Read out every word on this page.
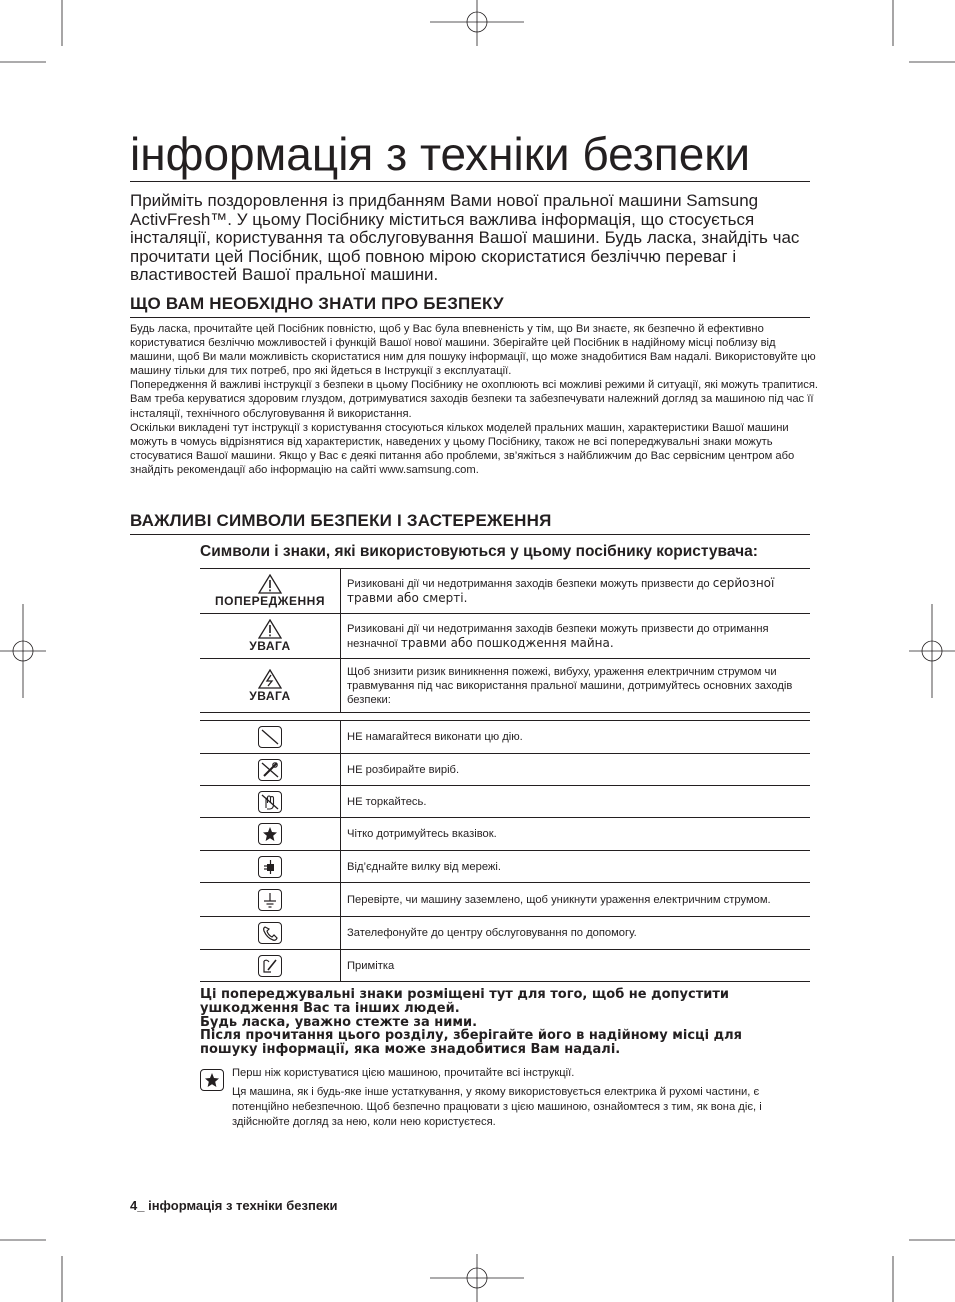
інформація з техніки безпеки
Прийміть поздоровлення із придбанням Вами нової пральної машини Samsung ActivFresh™. У цьому Посібнику міститься важлива інформація, що стосується інсталяції, користування та обслуговування Вашої машини. Будь ласка, знайдіть час прочитати цей Посібник, щоб повною мірою скористатися безліччю переваг і властивостей Вашої пральної машини.
ЩО ВАМ НЕОБХІДНО ЗНАТИ ПРО БЕЗПЕКУ

Будь ласка, прочитайте цей Посібник повністю, щоб у Вас була впевненість у тім, що Ви знаєте, як безпечно й ефективно користуватися безліччю можливостей і функцій Вашої нової машини. Зберігайте цей Посібник в надійному місці поблизу від машини, щоб Ви мали можливість скористатися ним для пошуку інформації, що може знадобитися Вам надалі. Використовуйте цю машину тільки для тих потреб, про які йдеться в Інструкції з експлуатації.

Попередження й важливі інструкції з безпеки в цьому Посібнику не охоплюють всі можливі режими й ситуації, які можуть трапитися. Вам треба керуватися здоровим глуздом, дотримуватися заходів безпеки та забезпечувати належний догляд за машиною під час її інсталяції, технічного обслуговування й використання.

Оскільки викладені тут інструкції з користування стосуються кількох моделей пральних машин, характеристики Вашої машини можуть в чомусь відрізнятися від характеристик, наведених у цьому Посібнику, також не всі попереджувальні знаки можуть стосуватися Вашої машини. Якщо у Вас є деякі питання або проблеми, зв’яжіться з найближчим до Вас сервісним центром або знайдіть рекомендації або інформацію на сайті www.samsung.com.

ВАЖЛИВІ СИМВОЛИ БЕЗПЕКИ І ЗАСТЕРЕЖЕННЯ
Символи і знаки, які використовуються у цьому посібнику користувача:
ПОПЕРЕДЖЕННЯ	Ризиковані дії чи недотримання заходів безпеки можуть призвести до серйозної травми або смерті.

УВАГА	Ризиковані дії чи недотримання заходів безпеки можуть призвести до отримання незначної травми або пошкодження майна.

УВАГА	Щоб знизити ризик виникнення пожежі, вибуху, ураження електричним струмом чи травмування під час використання пральної машини, дотримуйтесь основних заходів безпеки:
	НЕ намагайтеся виконати цю дію.

	НЕ розбирайте виріб.

	НЕ торкайтесь.

	Чітко дотримуйтесь вказівок.

	Від’єднайте вилку від мережі.

	Перевірте, чи машину заземлено, щоб уникнути ураження електричним струмом.

	Зателефонуйте до центру обслуговування по допомогу.

	Примітка

Ці попереджувальні знаки розміщені тут для того, щоб не допустити ушкодження Вас та інших людей.

Будь ласка, уважно стежте за ними.

Після прочитання цього розділу, зберігайте його в надійному місці для пошуку інформації, яка може знадобитися Вам надалі.

Перш ніж користуватися цією машиною, прочитайте всі інструкції.

Ця машина, як і будь-яке інше устаткування, у якому використовується електрика й рухомі частини, є потенційно небезпечною. Щоб безпечно працювати з цією машиною, ознайомтеся з тим, як вона діє, і здійснюйте догляд за нею, коли нею користуєтеся.

4_ інформація з техніки безпеки
